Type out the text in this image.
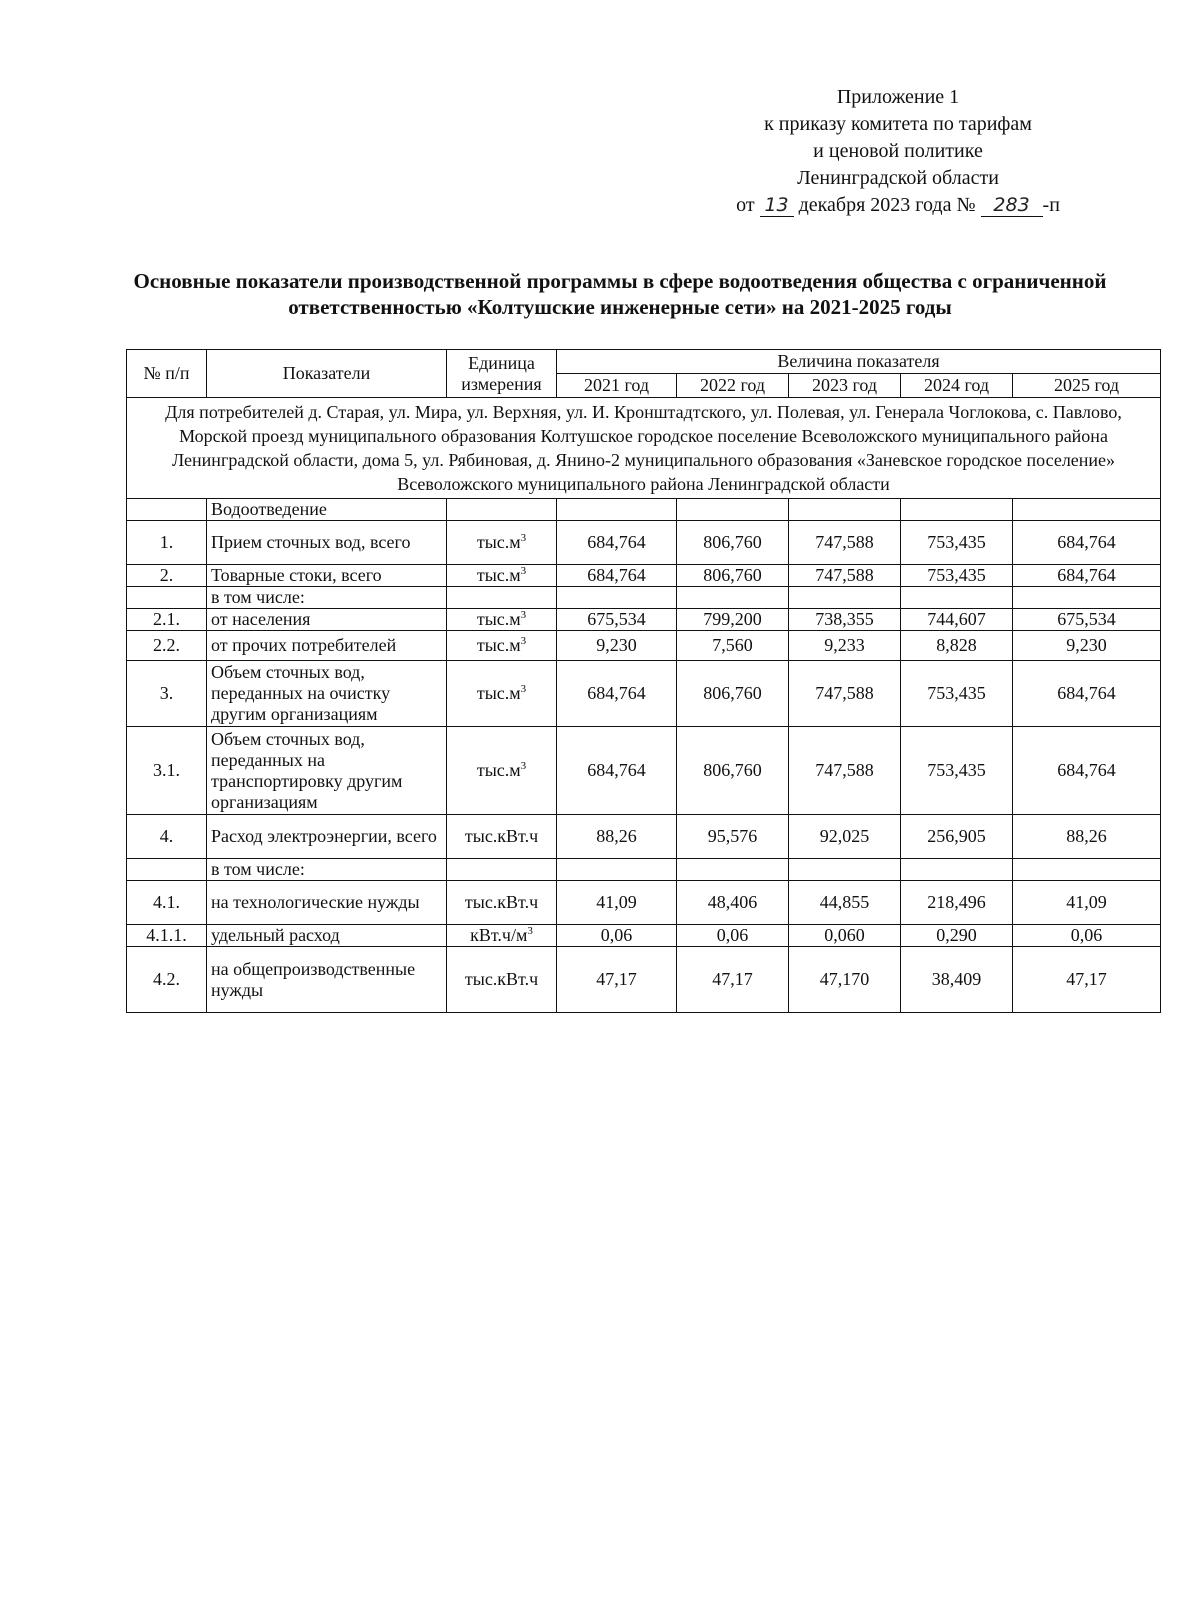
Приложение 1
к приказу комитета по тарифам
и ценовой политике
Ленинградской области
от 13 декабря 2023 года № 283 -п
Основные показатели производственной программы в сфере водоотведения общества с ограниченной ответственностью «Колтушские инженерные сети» на 2021-2025 годы
№ п/п	Показатели	Единица измерения	Величина показателя				
			2021 год	2022 год	2023 год	2024 год	2025 год
Для потребителей д. Старая, ул. Мира, ул. Верхняя, ул. И. Кронштадтского, ул. Полевая, ул. Генерала Чоглокова, с. Павлово, Морской проезд муниципального образования Колтушское городское поселение Всеволожского муниципального района Ленинградской области, дома 5, ул. Рябиновая, д. Янино-2 муниципального образования «Заневское городское поселение» Всеволожского муниципального района Ленинградской области							
	Водоотведение						
1.	Прием сточных вод, всего	$тыс.м^3$	684,764	806,760	747,588	753,435	684,764
2.	Товарные стоки, всего	$тыс.м^3$	684,764	806,760	747,588	753,435	684,764
	в том числе:						
2.1.	от населения	$тыс.м^3$	675,534	799,200	738,355	744,607	675,534
2.2.	от прочих потребителей	$тыс.м^3$	9,230	7,560	9,233	8,828	9,230
3.	Объем сточных вод, переданных на очистку другим организациям	$тыс.м^3$	684,764	806,760	747,588	753,435	684,764
3.1.	Объем сточных вод, переданных на транспортировку другим организациям	$тыс.м^3$	684,764	806,760	747,588	753,435	684,764
4.	Расход электроэнергии, всего	тыс.кВт.ч	88,26	95,576	92,025	256,905	88,26
	в том числе:						
4.1.	на технологические нужды	тыс.кВт.ч	41,09	48,406	44,855	218,496	41,09
4.1.1.	удельный расход	$кВт.ч/м^3$	0,06	0,06	0,060	0,290	0,06
4.2.	на общепроизводственные нужды	тыс.кВт.ч	47,17	47,17	47,170	38,409	47,17
